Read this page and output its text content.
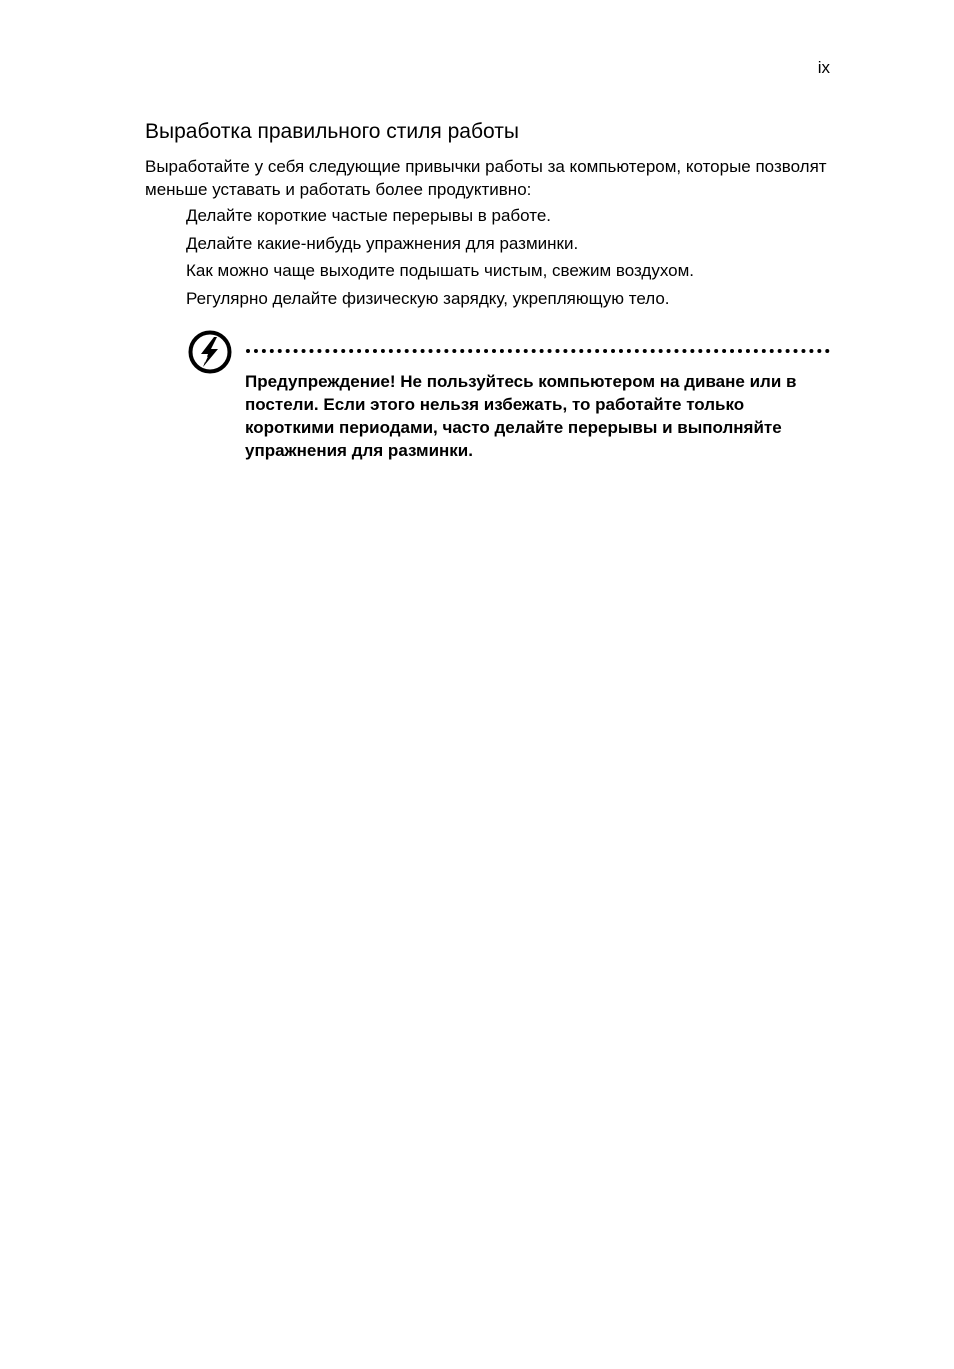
ix
Выработка правильного стиля работы

Выработайте у себя следующие привычки работы за компьютером, которые позволят меньше уставать и работать более продуктивно:

Делайте короткие частые перерывы в работе.
Делайте какие-нибудь упражнения для разминки.
Как можно чаще выходите подышать чистым, свежим воздухом.
Регулярно делайте физическую зарядку, укрепляющую тело.

Предупреждение! Не пользуйтесь компьютером на диване или в постели. Если этого нельзя избежать, то работайте только короткими периодами, часто делайте перерывы и выполняйте упражнения для разминки.
